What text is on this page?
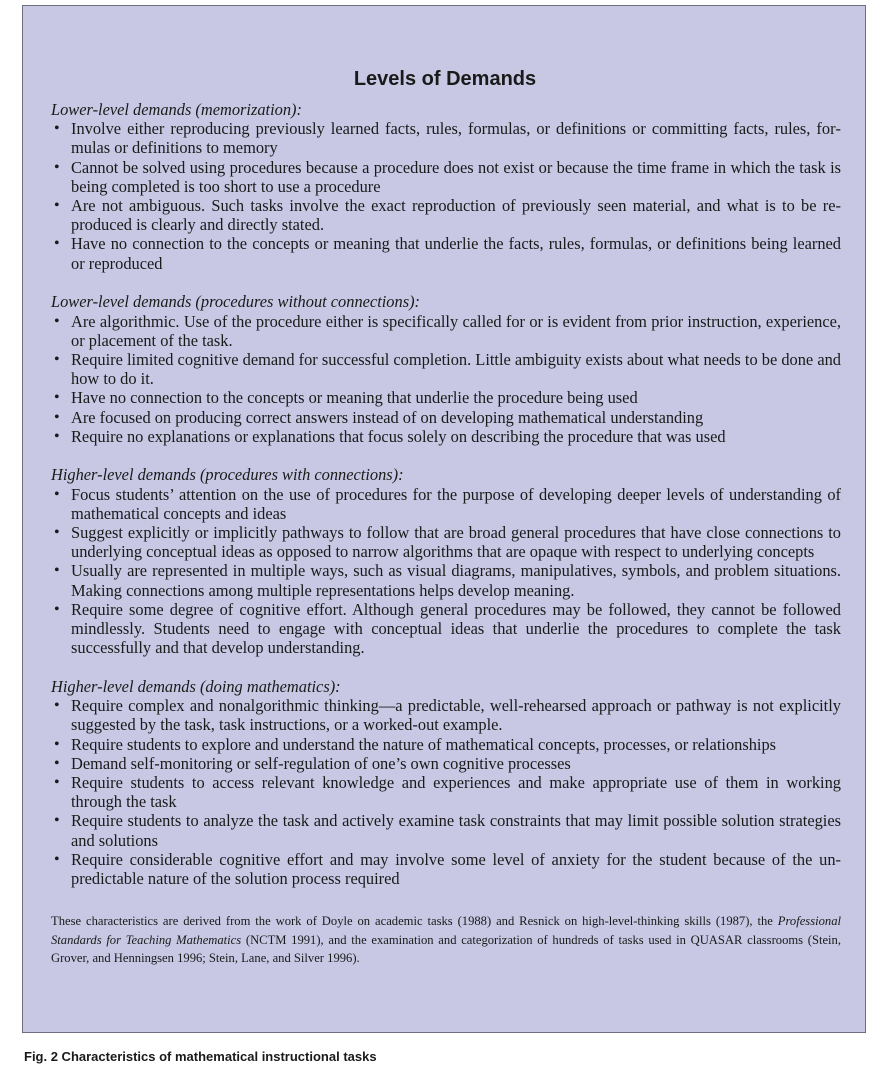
Levels of Demands

Lower-level demands (memorization):

• Involve either reproducing previously learned facts, rules, formulas, or definitions or committing facts, rules, formulas or definitions to memory
• Cannot be solved using procedures because a procedure does not exist or because the time frame in which the task is being completed is too short to use a procedure
• Are not ambiguous. Such tasks involve the exact reproduction of previously seen material, and what is to be reproduced is clearly and directly stated.
• Have no connection to the concepts or meaning that underlie the facts, rules, formulas, or definitions being learned or reproduced

Lower-level demands (procedures without connections):

• Are algorithmic. Use of the procedure either is specifically called for or is evident from prior instruction, experience, or placement of the task.
• Require limited cognitive demand for successful completion. Little ambiguity exists about what needs to be done and how to do it.
• Have no connection to the concepts or meaning that underlie the procedure being used
• Are focused on producing correct answers instead of on developing mathematical understanding
• Require no explanations or explanations that focus solely on describing the procedure that was used

Higher-level demands (procedures with connections):

• Focus students’ attention on the use of procedures for the purpose of developing deeper levels of understanding of mathematical concepts and ideas
• Suggest explicitly or implicitly pathways to follow that are broad general procedures that have close connections to underlying conceptual ideas as opposed to narrow algorithms that are opaque with respect to underlying concepts
• Usually are represented in multiple ways, such as visual diagrams, manipulatives, symbols, and problem situations. Making connections among multiple representations helps develop meaning.
• Require some degree of cognitive effort. Although general procedures may be followed, they cannot be followed mindlessly. Students need to engage with conceptual ideas that underlie the procedures to complete the task successfully and that develop understanding.

Higher-level demands (doing mathematics):

• Require complex and nonalgorithmic thinking—a predictable, well-rehearsed approach or pathway is not explicitly suggested by the task, task instructions, or a worked-out example.
• Require students to explore and understand the nature of mathematical concepts, processes, or relationships
• Demand self-monitoring or self-regulation of one’s own cognitive processes
• Require students to access relevant knowledge and experiences and make appropriate use of them in working through the task
• Require students to analyze the task and actively examine task constraints that may limit possible solution strategies and solutions
• Require considerable cognitive effort and may involve some level of anxiety for the student because of the unpredictable nature of the solution process required

These characteristics are derived from the work of Doyle on academic tasks (1988) and Resnick on high-level-thinking skills (1987), the Professional Standards for Teaching Mathematics (NCTM 1991), and the examination and categorization of hundreds of tasks used in QUASAR classrooms (Stein, Grover, and Henningsen 1996; Stein, Lane, and Silver 1996).

Fig. 2 Characteristics of mathematical instructional tasks
